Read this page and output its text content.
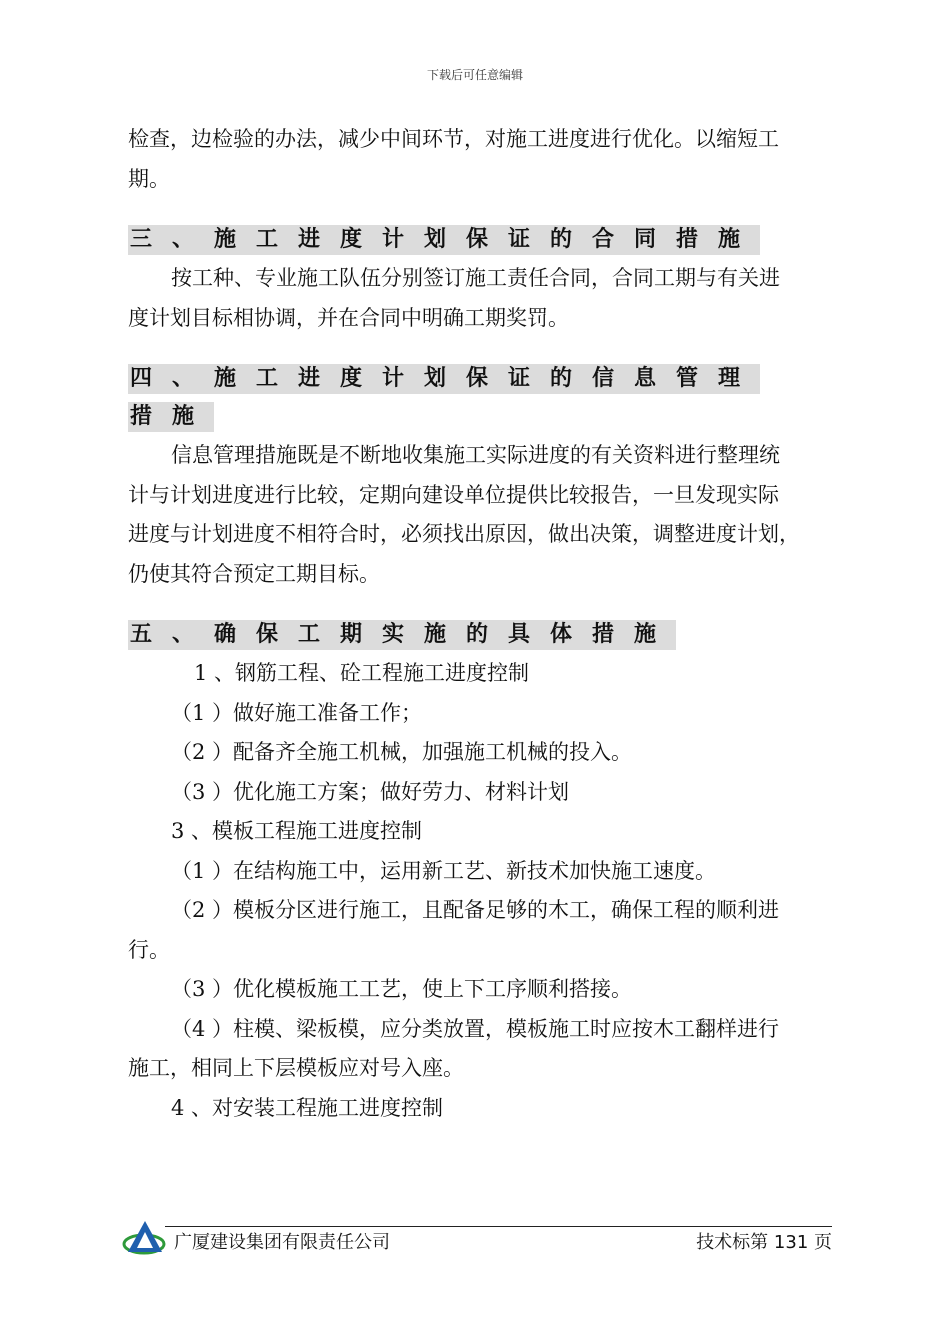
下载后可任意编辑
检查，边检验的办法，减少中间环节，对施工进度进行优化。以缩短工
期。
三、施工进度计划保证的合同措施
按工种、专业施工队伍分别签订施工责任合同，合同工期与有关进
度计划目标相协调，并在合同中明确工期奖罚。
四、施工进度计划保证的信息管理
措施
信息管理措施既是不断地收集施工实际进度的有关资料进行整理统
计与计划进度进行比较，定期向建设单位提供比较报告，一旦发现实际
进度与计划进度不相符合时，必须找出原因，做出决策，调整进度计划，
仍使其符合预定工期目标。
五、确保工期实施的具体措施
1 、钢筋工程、砼工程施工进度控制
（1 ）做好施工准备工作；
（2 ）配备齐全施工机械，加强施工机械的投入。
（3 ）优化施工方案；做好劳力、材料计划
3 、模板工程施工进度控制
（1 ）在结构施工中，运用新工艺、新技术加快施工速度。
（2 ）模板分区进行施工，且配备足够的木工，确保工程的顺利进
行。
（3 ）优化模板施工工艺，使上下工序顺利搭接。
（4 ）柱模、梁板模，应分类放置，模板施工时应按木工翻样进行
施工，相同上下层模板应对号入座。
4 、对安装工程施工进度控制
广厦建设集团有限责任公司	技术标第 131 页
